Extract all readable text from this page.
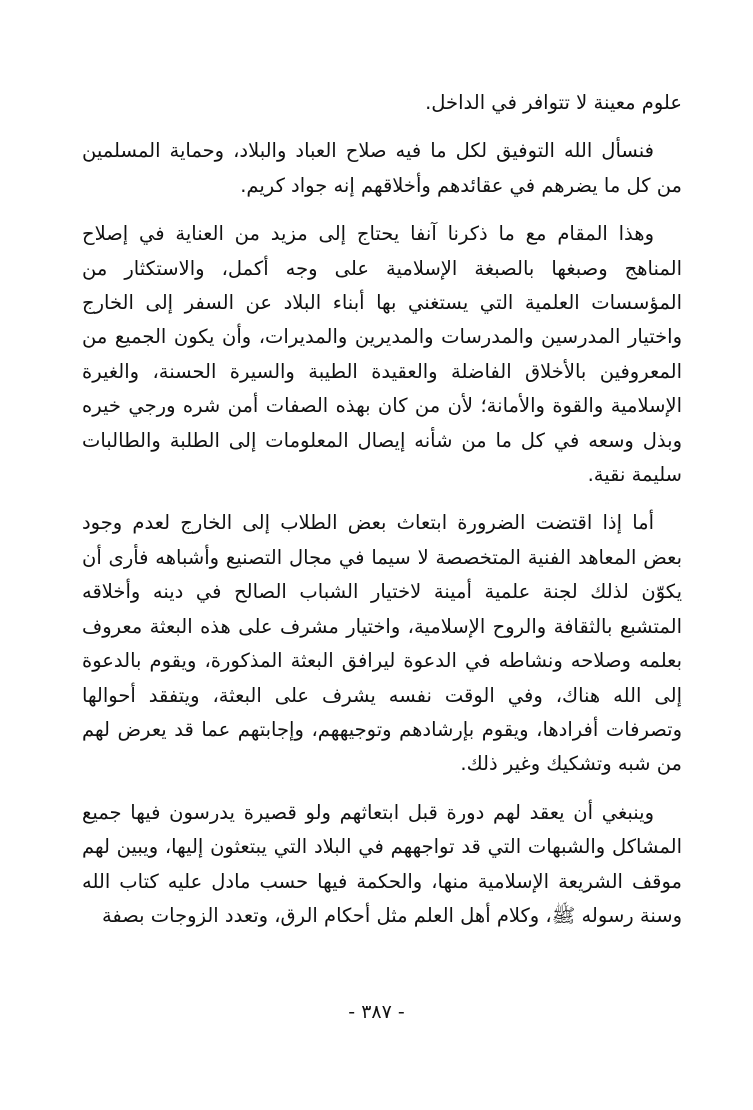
علوم معينة لا تتوافر في الداخل.

فنسأل الله التوفيق لكل ما فيه صلاح العباد والبلاد، وحماية المسلمين من كل ما يضرهم في عقائدهم وأخلاقهم إنه جواد كريم.

وهذا المقام مع ما ذكرنا آنفا يحتاج إلى مزيد من العناية في إصلاح المناهج وصبغها بالصبغة الإسلامية على وجه أكمل، والاستكثار من المؤسسات العلمية التي يستغني بها أبناء البلاد عن السفر إلى الخارج واختيار المدرسين والمدرسات والمديرين والمديرات، وأن يكون الجميع من المعروفين بالأخلاق الفاضلة والعقيدة الطيبة والسيرة الحسنة، والغيرة الإسلامية والقوة والأمانة؛ لأن من كان بهذه الصفات أمن شره ورجي خيره وبذل وسعه في كل ما من شأنه إيصال المعلومات إلى الطلبة والطالبات سليمة نقية.

أما إذا اقتضت الضرورة ابتعاث بعض الطلاب إلى الخارج لعدم وجود بعض المعاهد الفنية المتخصصة لا سيما في مجال التصنيع وأشباهه فأرى أن يكوّن لذلك لجنة علمية أمينة لاختيار الشباب الصالح في دينه وأخلاقه المتشبع بالثقافة والروح الإسلامية، واختيار مشرف على هذه البعثة معروف بعلمه وصلاحه ونشاطه في الدعوة ليرافق البعثة المذكورة، ويقوم بالدعوة إلى الله هناك، وفي الوقت نفسه يشرف على البعثة، ويتفقد أحوالها وتصرفات أفرادها، ويقوم بإرشادهم وتوجيههم، وإجابتهم عما قد يعرض لهم من شبه وتشكيك وغير ذلك.

وينبغي أن يعقد لهم دورة قبل ابتعاثهم ولو قصيرة يدرسون فيها جميع المشاكل والشبهات التي قد تواجههم في البلاد التي يبتعثون إليها، ويبين لهم موقف الشريعة الإسلامية منها، والحكمة فيها حسب مادل عليه كتاب الله وسنة رسوله ﷺ، وكلام أهل العلم مثل أحكام الرق، وتعدد الزوجات بصفة

- ٣٨٧ -
